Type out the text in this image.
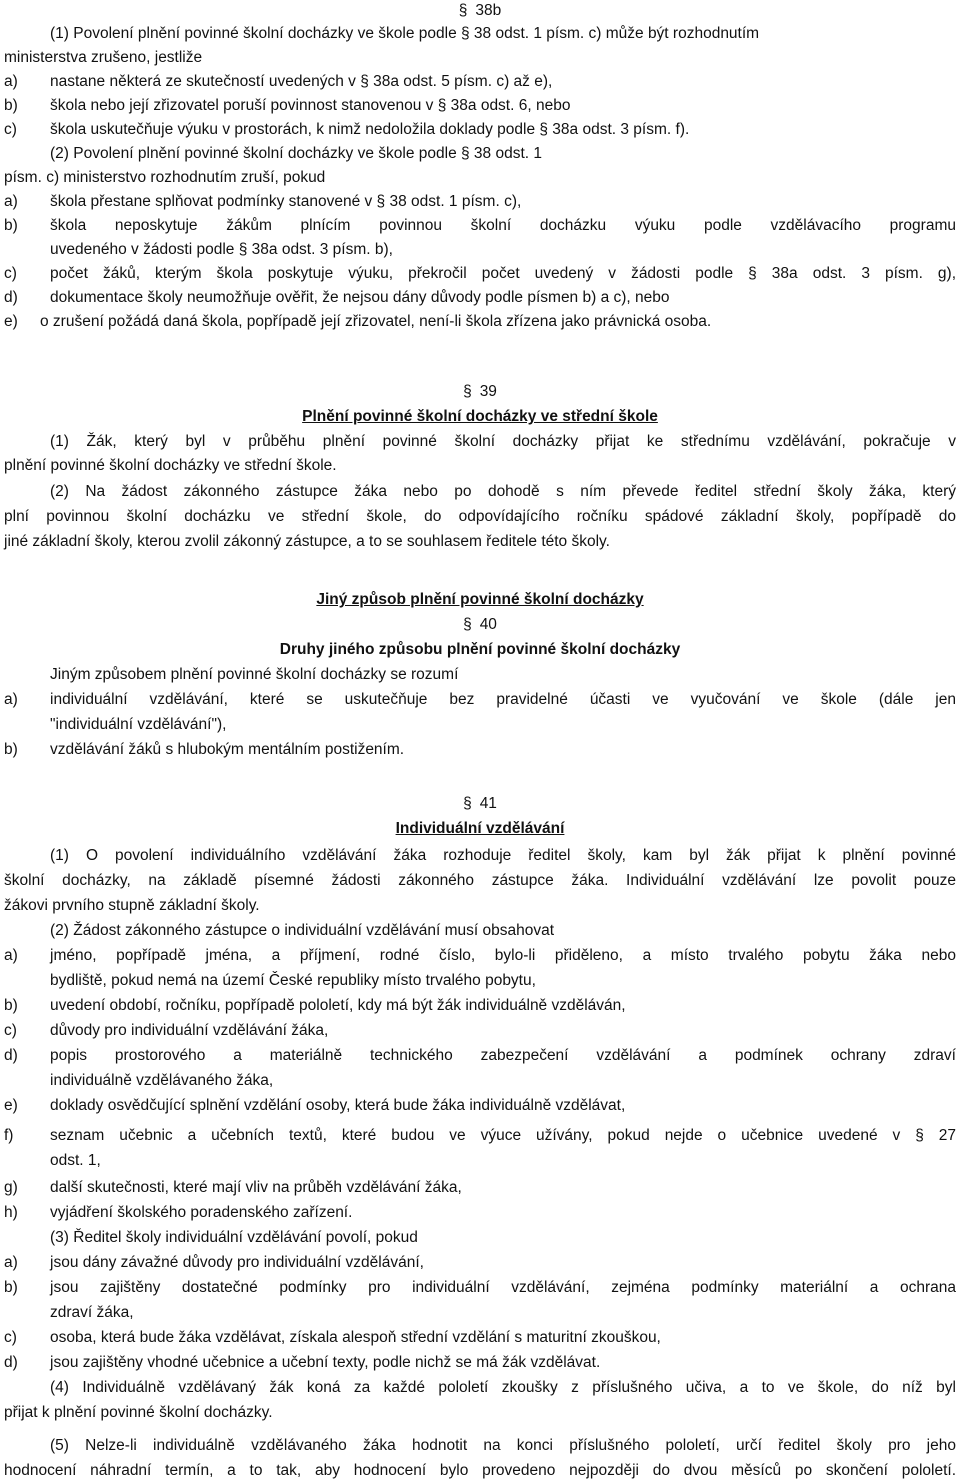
§ 38b
(1) Povolení plnění povinné školní docházky ve škole podle § 38 odst. 1 písm. c) může být rozhodnutím
ministerstva zrušeno, jestliže
a) nastane některá ze skutečností uvedených v § 38a odst. 5 písm. c) až e),
b) škola nebo její zřizovatel poruší povinnost stanovenou v § 38a odst. 6, nebo
c) škola uskutečňuje výuku v prostorách, k nimž nedoložila doklady podle § 38a odst. 3 písm. f).
(2) Povolení plnění povinné školní docházky ve škole podle § 38 odst. 1
písm. c) ministerstvo rozhodnutím zruší, pokud
a) škola přestane splňovat podmínky stanovené v § 38 odst. 1 písm. c),
b) škola neposkytuje žákům plnícím povinnou školní docházku výuku podle vzdělávacího programu
uvedeného v žádosti podle § 38a odst. 3 písm. b),
c) počet žáků, kterým škola poskytuje výuku, překročil počet uvedený v žádosti podle § 38a odst. 3 písm. g),
d) dokumentace školy neumožňuje ověřit, že nejsou dány důvody podle písmen b) a c), nebo
e) o zrušení požádá daná škola, popřípadě její zřizovatel, není-li škola zřízena jako právnická osoba.
§ 39
Plnění povinné školní docházky ve střední škole
(1) Žák, který byl v průběhu plnění povinné školní docházky přijat ke střednímu vzdělávání, pokračuje v
plnění povinné školní docházky ve střední škole.
(2) Na žádost zákonného zástupce žáka nebo po dohodě s ním převede ředitel střední školy žáka, který
plní povinnou školní docházku ve střední škole, do odpovídajícího ročníku spádové základní školy, popřípadě do
jiné základní školy, kterou zvolil zákonný zástupce, a to se souhlasem ředitele této školy.
Jiný způsob plnění povinné školní docházky
§ 40
Druhy jiného způsobu plnění povinné školní docházky
Jiným způsobem plnění povinné školní docházky se rozumí
a) individuální vzdělávání, které se uskutečňuje bez pravidelné účasti ve vyučování ve škole (dále jen
"individuální vzdělávání"),
b) vzdělávání žáků s hlubokým mentálním postižením.
§ 41
Individuální vzdělávání
(1) O povolení individuálního vzdělávání žáka rozhoduje ředitel školy, kam byl žák přijat k plnění povinné
školní docházky, na základě písemné žádosti zákonného zástupce žáka. Individuální vzdělávání lze povolit pouze
žákovi prvního stupně základní školy.
(2) Žádost zákonného zástupce o individuální vzdělávání musí obsahovat
a) jméno, popřípadě jména, a příjmení, rodné číslo, bylo-li přiděleno, a místo trvalého pobytu žáka nebo
bydliště, pokud nemá na území České republiky místo trvalého pobytu,
b) uvedení období, ročníku, popřípadě pololetí, kdy má být žák individuálně vzděláván,
c) důvody pro individuální vzdělávání žáka,
d) popis prostorového a materiálně technického zabezpečení vzdělávání a podmínek ochrany zdraví
individuálně vzdělávaného žáka,
e) doklady osvědčující splnění vzdělání osoby, která bude žáka individuálně vzdělávat,
f) seznam učebnic a učebních textů, které budou ve výuce užívány, pokud nejde o učebnice uvedené v § 27
odst. 1,
g) další skutečnosti, které mají vliv na průběh vzdělávání žáka,
h) vyjádření školského poradenského zařízení.
(3) Ředitel školy individuální vzdělávání povolí, pokud
a) jsou dány závažné důvody pro individuální vzdělávání,
b) jsou zajištěny dostatečné podmínky pro individuální vzdělávání, zejména podmínky materiální a ochrana
zdraví žáka,
c) osoba, která bude žáka vzdělávat, získala alespoň střední vzdělání s maturitní zkouškou,
d) jsou zajištěny vhodné učebnice a učební texty, podle nichž se má žák vzdělávat.
(4) Individuálně vzdělávaný žák koná za každé pololetí zkoušky z příslušného učiva, a to ve škole, do níž byl
přijat k plnění povinné školní docházky.
(5) Nelze-li individuálně vzdělávaného žáka hodnotit na konci příslušného pololetí, určí ředitel školy pro jeho
hodnocení náhradní termín, a to tak, aby hodnocení bylo provedeno nejpozději do dvou měsíců po skončení pololetí.
